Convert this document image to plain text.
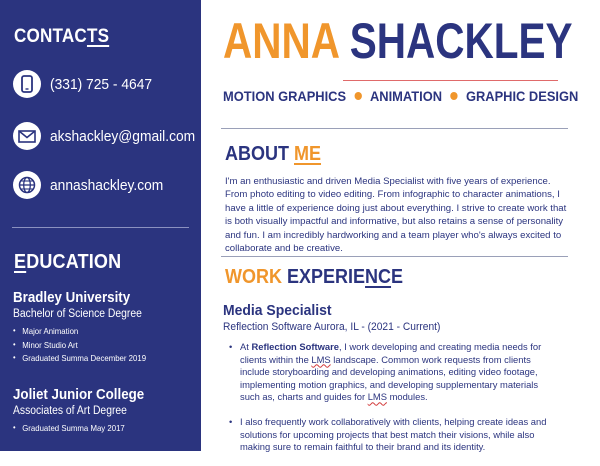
CONTACTS
(331) 725 - 4647
akshackley@gmail.com
annashackley.com
EDUCATION
Bradley University
Bachelor of Science Degree
• Major Animation
• Minor Studio Art
• Graduated Summa December 2019
Joliet Junior College
Associates of Art Degree
• Graduated Summa May 2017
ANNA SHACKLEY
MOTION GRAPHICS ANIMATION GRAPHIC DESIGN
ABOUT ME
I'm an enthusiastic and driven Media Specialist with five years of experience. From photo editing to video editing. From infographic to character animations, I have a little of experience doing just about everything. I strive to create work that is both visually impactful and informative, but also retains a sense of personality and fun. I am incredibly hardworking and a team player who's always excited to collaborate and be creative.
WORK EXPERIENCE
Media Specialist
Reflection Software Aurora, IL - (2021 - Current)
• At Reflection Software, I work developing and creating media needs for clients within the LMS landscape. Common work requests from clients include storyboarding and developing animations, editing video footage, implementing motion graphics, and developing supplementary materials such as, charts and guides for LMS modules.
• I also frequently work collaboratively with clients, helping create ideas and solutions for upcoming projects that best match their visions, while also making sure to remain faithful to their brand and its identity.
